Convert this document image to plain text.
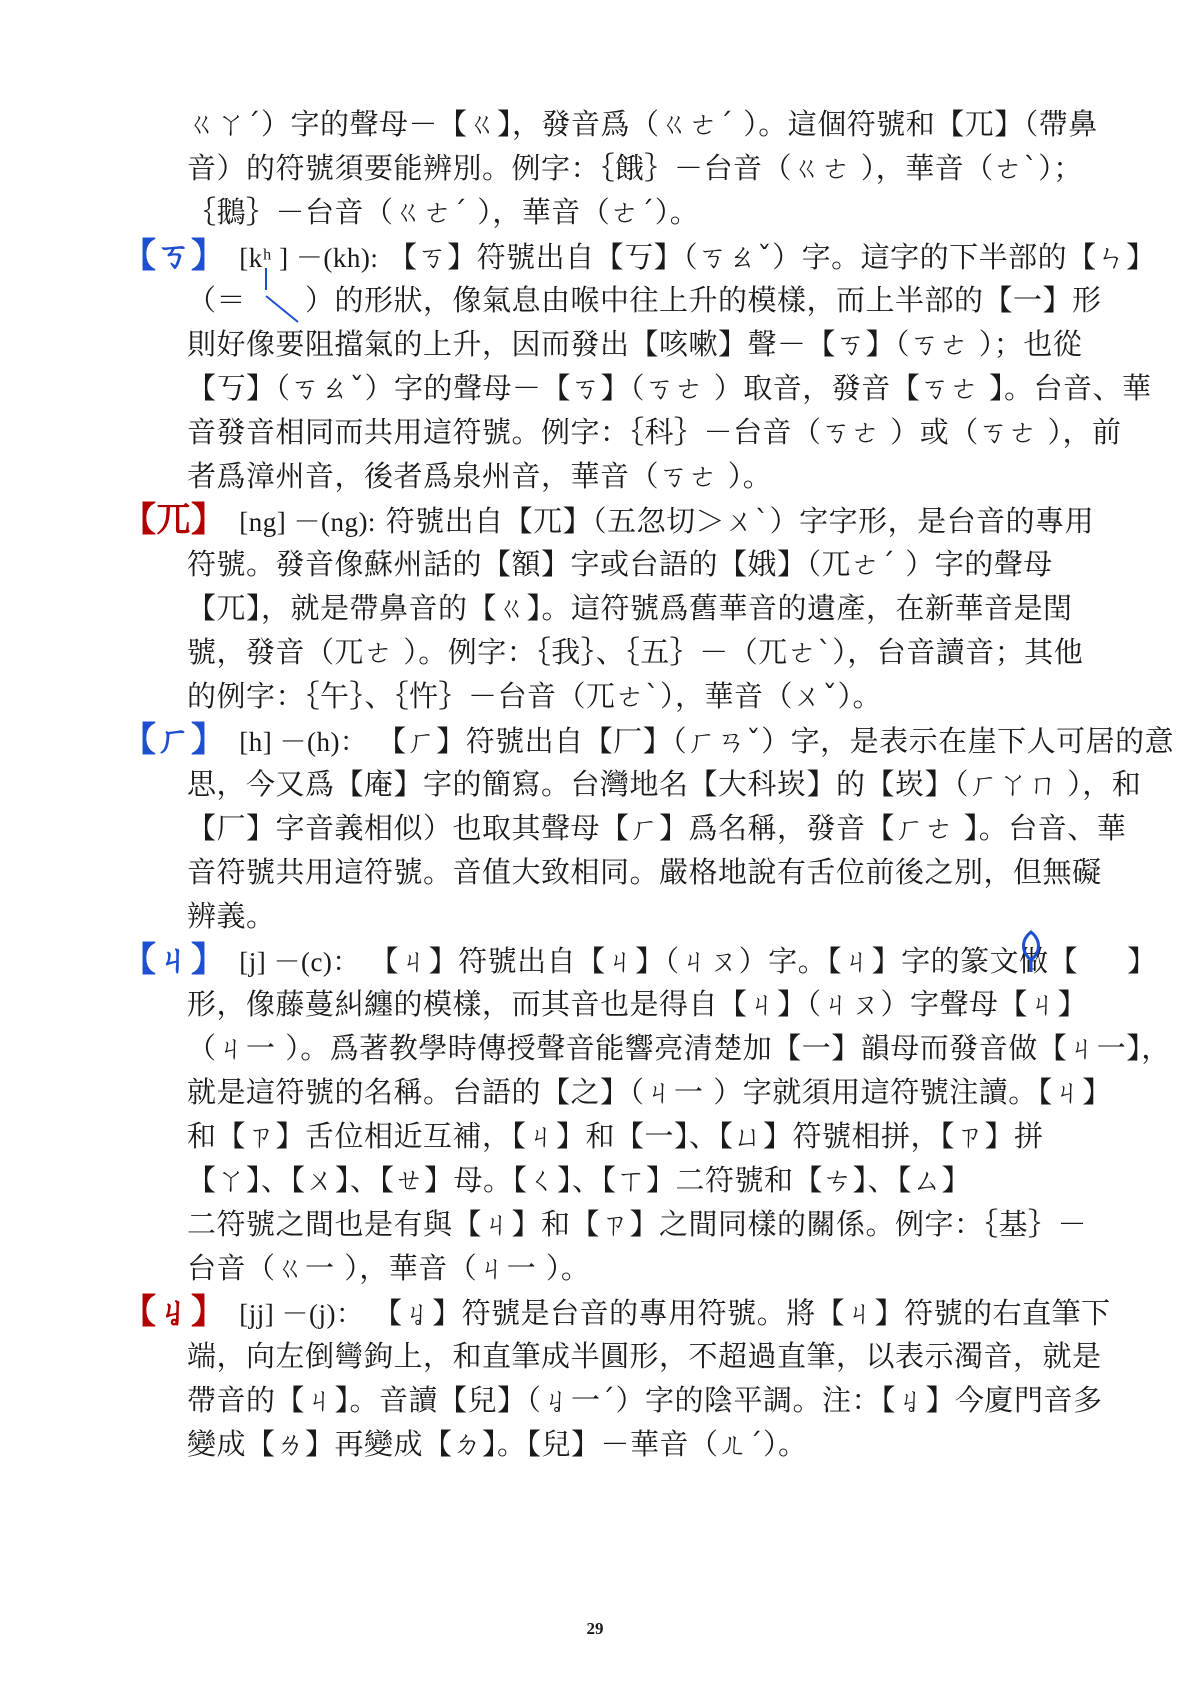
ㄍㄚˊ）字的聲母－【ㄍ】，發音爲（ㄍㄜˊ ）。這個符號和【兀】（帶鼻
音）的符號須要能辨別。例字：｛餓｝－台音（ㄍㄜ ），華音（ㄜˋ）；
｛鵝｝－台音（ㄍㄜˊ ），華音（ㄜˊ）。
【ㄎ】 [kʰ ] －(kh): 【ㄎ】符號出自【丂】（ㄎㄠˇ）字。這字的下半部的【ㄣ】
（＝　　）的形狀，像氣息由喉中往上升的模樣，而上半部的【一】形
則好像要阻擋氣的上升，因而發出【咳嗽】聲－【ㄎ】（ㄎㄜ ）；也從
【丂】（ㄎㄠˇ）字的聲母－【ㄎ】（ㄎㄜ ）取音，發音【ㄎㄜ 】。台音、華
音發音相同而共用這符號。例字：｛科｝－台音（ㄎㄜ ）或（ㄎㄜ ），前
者爲漳州音，後者爲泉州音，華音（ㄎㄜ ）。
【兀】 [ng] －(ng): 符號出自【兀】（五忽切＞ㄨˋ）字字形，是台音的專用
符號。發音像蘇州話的【額】字或台語的【娥】（兀ㄜˊ ）字的聲母
【兀】，就是帶鼻音的【ㄍ】。這符號爲舊華音的遺產，在新華音是閏
號，發音（兀ㄜ ）。例字：｛我｝、｛五｝－（兀ㄜˋ），台音讀音；其他
的例字：｛午｝、｛忤｝－台音（兀ㄜˋ），華音（ㄨˇ）。
【ㄏ】 [h] －(h)： 【ㄏ】符號出自【厂】（ㄏㄢˇ）字，是表示在崖下人可居的意
思，今又爲【庵】字的簡寫。台灣地名【大科崁】的【崁】（ㄏㄚㄇ ），和
【厂】字音義相似）也取其聲母【ㄏ】爲名稱，發音【ㄏㄜ 】。台音、華
音符號共用這符號。音值大致相同。嚴格地說有舌位前後之別，但無礙
辨義。
【ㄐ】 [j] －(c)： 【ㄐ】符號出自【ㄐ】（ㄐㄡ）字。【ㄐ】字的篆文做【 　 】
形，像藤蔓糾纏的模樣，而其音也是得自【ㄐ】（ㄐㄡ）字聲母【ㄐ】
（ㄐ一 ）。爲著教學時傳授聲音能響亮清楚加【一】韻母而發音做【ㄐ一】，
就是這符號的名稱。台語的【之】（ㄐ一 ）字就須用這符號注讀。【ㄐ】
和【ㄗ】舌位相近互補，【ㄐ】和【一】、【ㄩ】符號相拼，【ㄗ】拼
【ㄚ】、【ㄨ】、【ㄝ】母。【ㄑ】、【ㄒ】二符號和【ㄘ】、【ㄙ】
二符號之間也是有與【ㄐ】和【ㄗ】之間同樣的關係。例字：｛基｝－
台音（ㄍ一 ），華音（ㄐ一 ）。
【ㆢ】 [jj] －(j)： 【ㆢ】符號是台音的專用符號。將【ㄐ】符號的右直筆下
端，向左倒彎鉤上，和直筆成半圓形，不超過直筆，以表示濁音，就是
帶音的【ㄐ】。音讀【兒】（ㆢ一ˊ）字的陰平調。注：【ㆢ】今廈門音多
變成【ㄌ】再變成【ㄉ】。【兒】－華音（ㄦˊ）。
29
